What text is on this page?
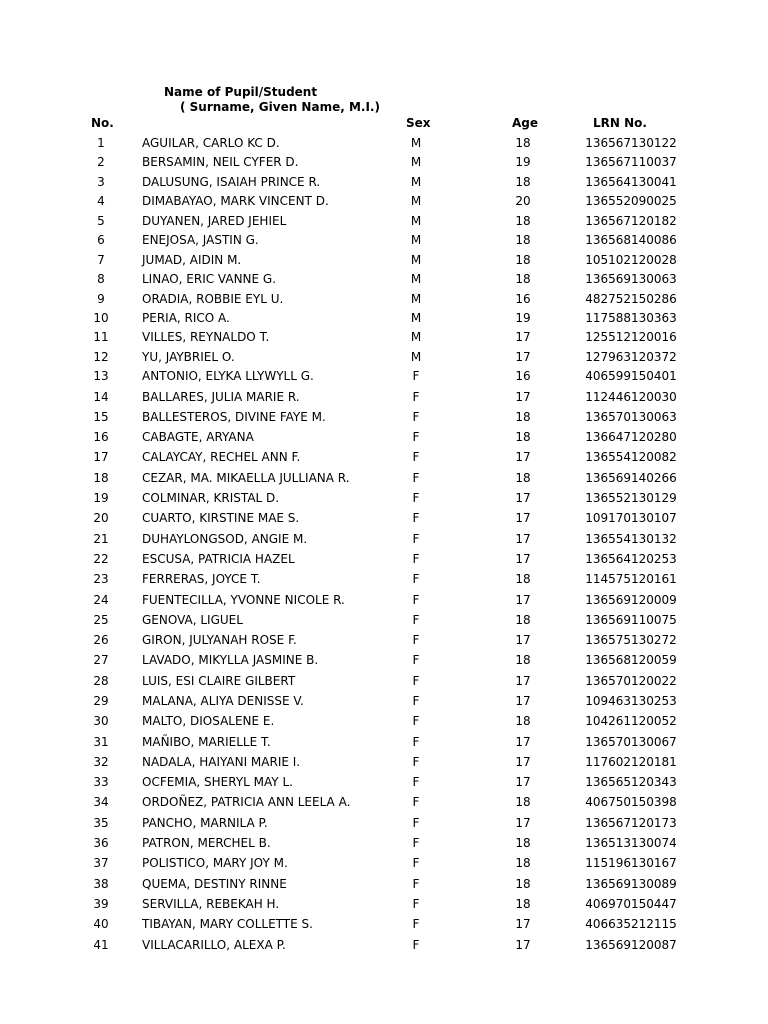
Name of Pupil/Student
( Surname, Given Name, M.I.)
No.	Sex	Age	LRN No.
1	AGUILAR, CARLO KC D.	M	18	136567130122
2	BERSAMIN, NEIL CYFER D.	M	19	136567110037
3	DALUSUNG, ISAIAH PRINCE R.	M	18	136564130041
4	DIMABAYAO, MARK VINCENT D.	M	20	136552090025
5	DUYANEN, JARED JEHIEL	M	18	136567120182
6	ENEJOSA, JASTIN G.	M	18	136568140086
7	JUMAD, AIDIN M.	M	18	105102120028
8	LINAO, ERIC VANNE G.	M	18	136569130063
9	ORADIA, ROBBIE EYL U.	M	16	482752150286
10	PERIA, RICO A.	M	19	117588130363
11	VILLES, REYNALDO T.	M	17	125512120016
12	YU, JAYBRIEL O.	M	17	127963120372
13	ANTONIO, ELYKA LLYWYLL G.	F	16	406599150401
14	BALLARES, JULIA MARIE R.	F	17	112446120030
15	BALLESTEROS, DIVINE FAYE M.	F	18	136570130063
16	CABAGTE, ARYANA	F	18	136647120280
17	CALAYCAY, RECHEL ANN F.	F	17	136554120082
18	CEZAR, MA. MIKAELLA JULLIANA R.	F	18	136569140266
19	COLMINAR, KRISTAL D.	F	17	136552130129
20	CUARTO, KIRSTINE MAE S.	F	17	109170130107
21	DUHAYLONGSOD, ANGIE M.	F	17	136554130132
22	ESCUSA, PATRICIA HAZEL	F	17	136564120253
23	FERRERAS, JOYCE T.	F	18	114575120161
24	FUENTECILLA, YVONNE NICOLE R.	F	17	136569120009
25	GENOVA, LIGUEL	F	18	136569110075
26	GIRON, JULYANAH ROSE F.	F	17	136575130272
27	LAVADO, MIKYLLA JASMINE B.	F	18	136568120059
28	LUIS, ESI CLAIRE GILBERT	F	17	136570120022
29	MALANA, ALIYA DENISSE V.	F	17	109463130253
30	MALTO, DIOSALENE E.	F	18	104261120052
31	MAÑIBO, MARIELLE T.	F	17	136570130067
32	NADALA, HAIYANI MARIE I.	F	17	117602120181
33	OCFEMIA, SHERYL MAY L.	F	17	136565120343
34	ORDOÑEZ, PATRICIA ANN LEELA A.	F	18	406750150398
35	PANCHO, MARNILA P.	F	17	136567120173
36	PATRON, MERCHEL B.	F	18	136513130074
37	POLISTICO, MARY JOY M.	F	18	115196130167
38	QUEMA, DESTINY RINNE	F	18	136569130089
39	SERVILLA, REBEKAH H.	F	18	406970150447
40	TIBAYAN, MARY COLLETTE S.	F	17	406635212115
41	VILLACARILLO, ALEXA P.	F	17	136569120087
